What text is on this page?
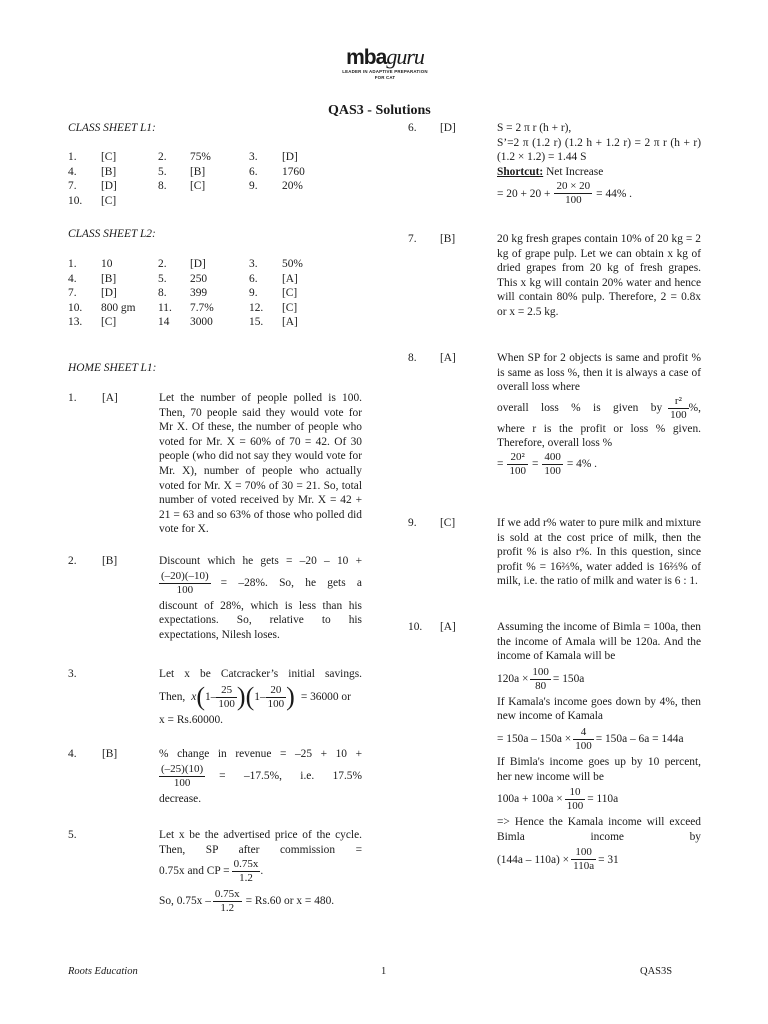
mbaguru
LEADER IN ADAPTIVE PREPARATION
FOR CAT
QAS3 - Solutions
CLASS SHEET L1:
1.	[C]	2.	75%	3.	[D]
4.	[B]	5.	[B]	6.	1760
7.	[D]	8.	[C]	9.	20%
10.	[C]				
CLASS SHEET L2:
1.	10	2.	[D]	3.	50%
4.	[B]	5.	250	6.	[A]
7.	[D]	8.	399	9.	[C]
10.	800 gm	11.	7.7%	12.	[C]
13.	[C]	14	3000	15.	[A]
HOME SHEET L1:
1. [A]	Let the number of people polled is 100. Then, 70 people said they would vote for Mr X. Of these, the number of people who voted for Mr. X = 60% of 70 = 42. Of 30 people (who did not say they would vote for Mr. X), number of people who actually voted for Mr. X = 70% of 30 = 21. So, total number of voted received by Mr. X = 42 + 21 = 63 and so 63% of those who polled did vote for X.
2. [B]	Discount which he gets = –20 – 10 +
$\frac{(-20)(-10)}{100} = -28\%$. So, he gets a
discount of 28%, which is less than his expectations. So, relative to his expectations, Nilesh loses.
3.	Let x be Catcracker’s initial savings.
Then, x ( $1 - \frac{25}{100}$ ) ( $1 - \frac{20}{100}$ ) = 36000 or
x = Rs.60000.
4. [B]	% change in revenue = –25 + 10 +
$\frac{(-25)(10)}{100} = -17.5\%$, i.e. 17.5%
decrease.
5.	Let x be the advertised price of the cycle. Then, SP after commission =
0.75x and CP = $\frac{0.75x}{1.2}$ .
So, $0.75x - \frac{0.75x}{1.2} = Rs.60$ or x = 480.
6. [D]	S = 2 π r (h + r),
S’=2 π (1.2 r) (1.2 h + 1.2 r) = 2 π r (h + r) (1.2 × 1.2) = 1.44 S
Shortcut: Net Increase
= $20 + 20 + \frac{20 \times 20}{100} = 44\%$ .
7. [B]	20 kg fresh grapes contain 10% of 20 kg = 2 kg of grape pulp. Let we can obtain x kg of dried grapes from 20 kg of fresh grapes. This x kg will contain 20% water and hence will contain 80% pulp. Therefore, 2 = 0.8x or x = 2.5 kg.
8. [A]	When SP for 2 objects is same and profit % is same as loss %, then it is always a case of overall loss where
overall loss % is given by $\frac{\text{r²}}{100}$ %,
where r is the profit or loss % given. Therefore, overall loss %
= $\frac{\text{20²}}{100} = \frac{400}{100} = 4\%$ .
9. [C]	If we add r% water to pure milk and mixture is sold at the cost price of milk, then the profit % is also r%. In this question, since profit % = 16⅔%, water added is 16⅔% of milk, i.e. the ratio of milk and water is 6 : 1.
10. [A]	Assuming the income of Bimla = 100a, then the income of Amala will be 120a. And the income of Kamala will be
$120a \times \frac{100}{80} = 150a$
If Kamala's income goes down by 4%, then new income of Kamala
= $150a - 150a \times \frac{4}{100} = 150a - 6a = 144a$
If Bimla's income goes up by 10 percent, her new income will be
$100a + 100a \times \frac{10}{100} = 110a$
=> Hence the Kamala income will exceed Bimla income by
$(144a - 110a) \times \frac{100}{110a} = 31$
Roots Education	1	QAS3S
